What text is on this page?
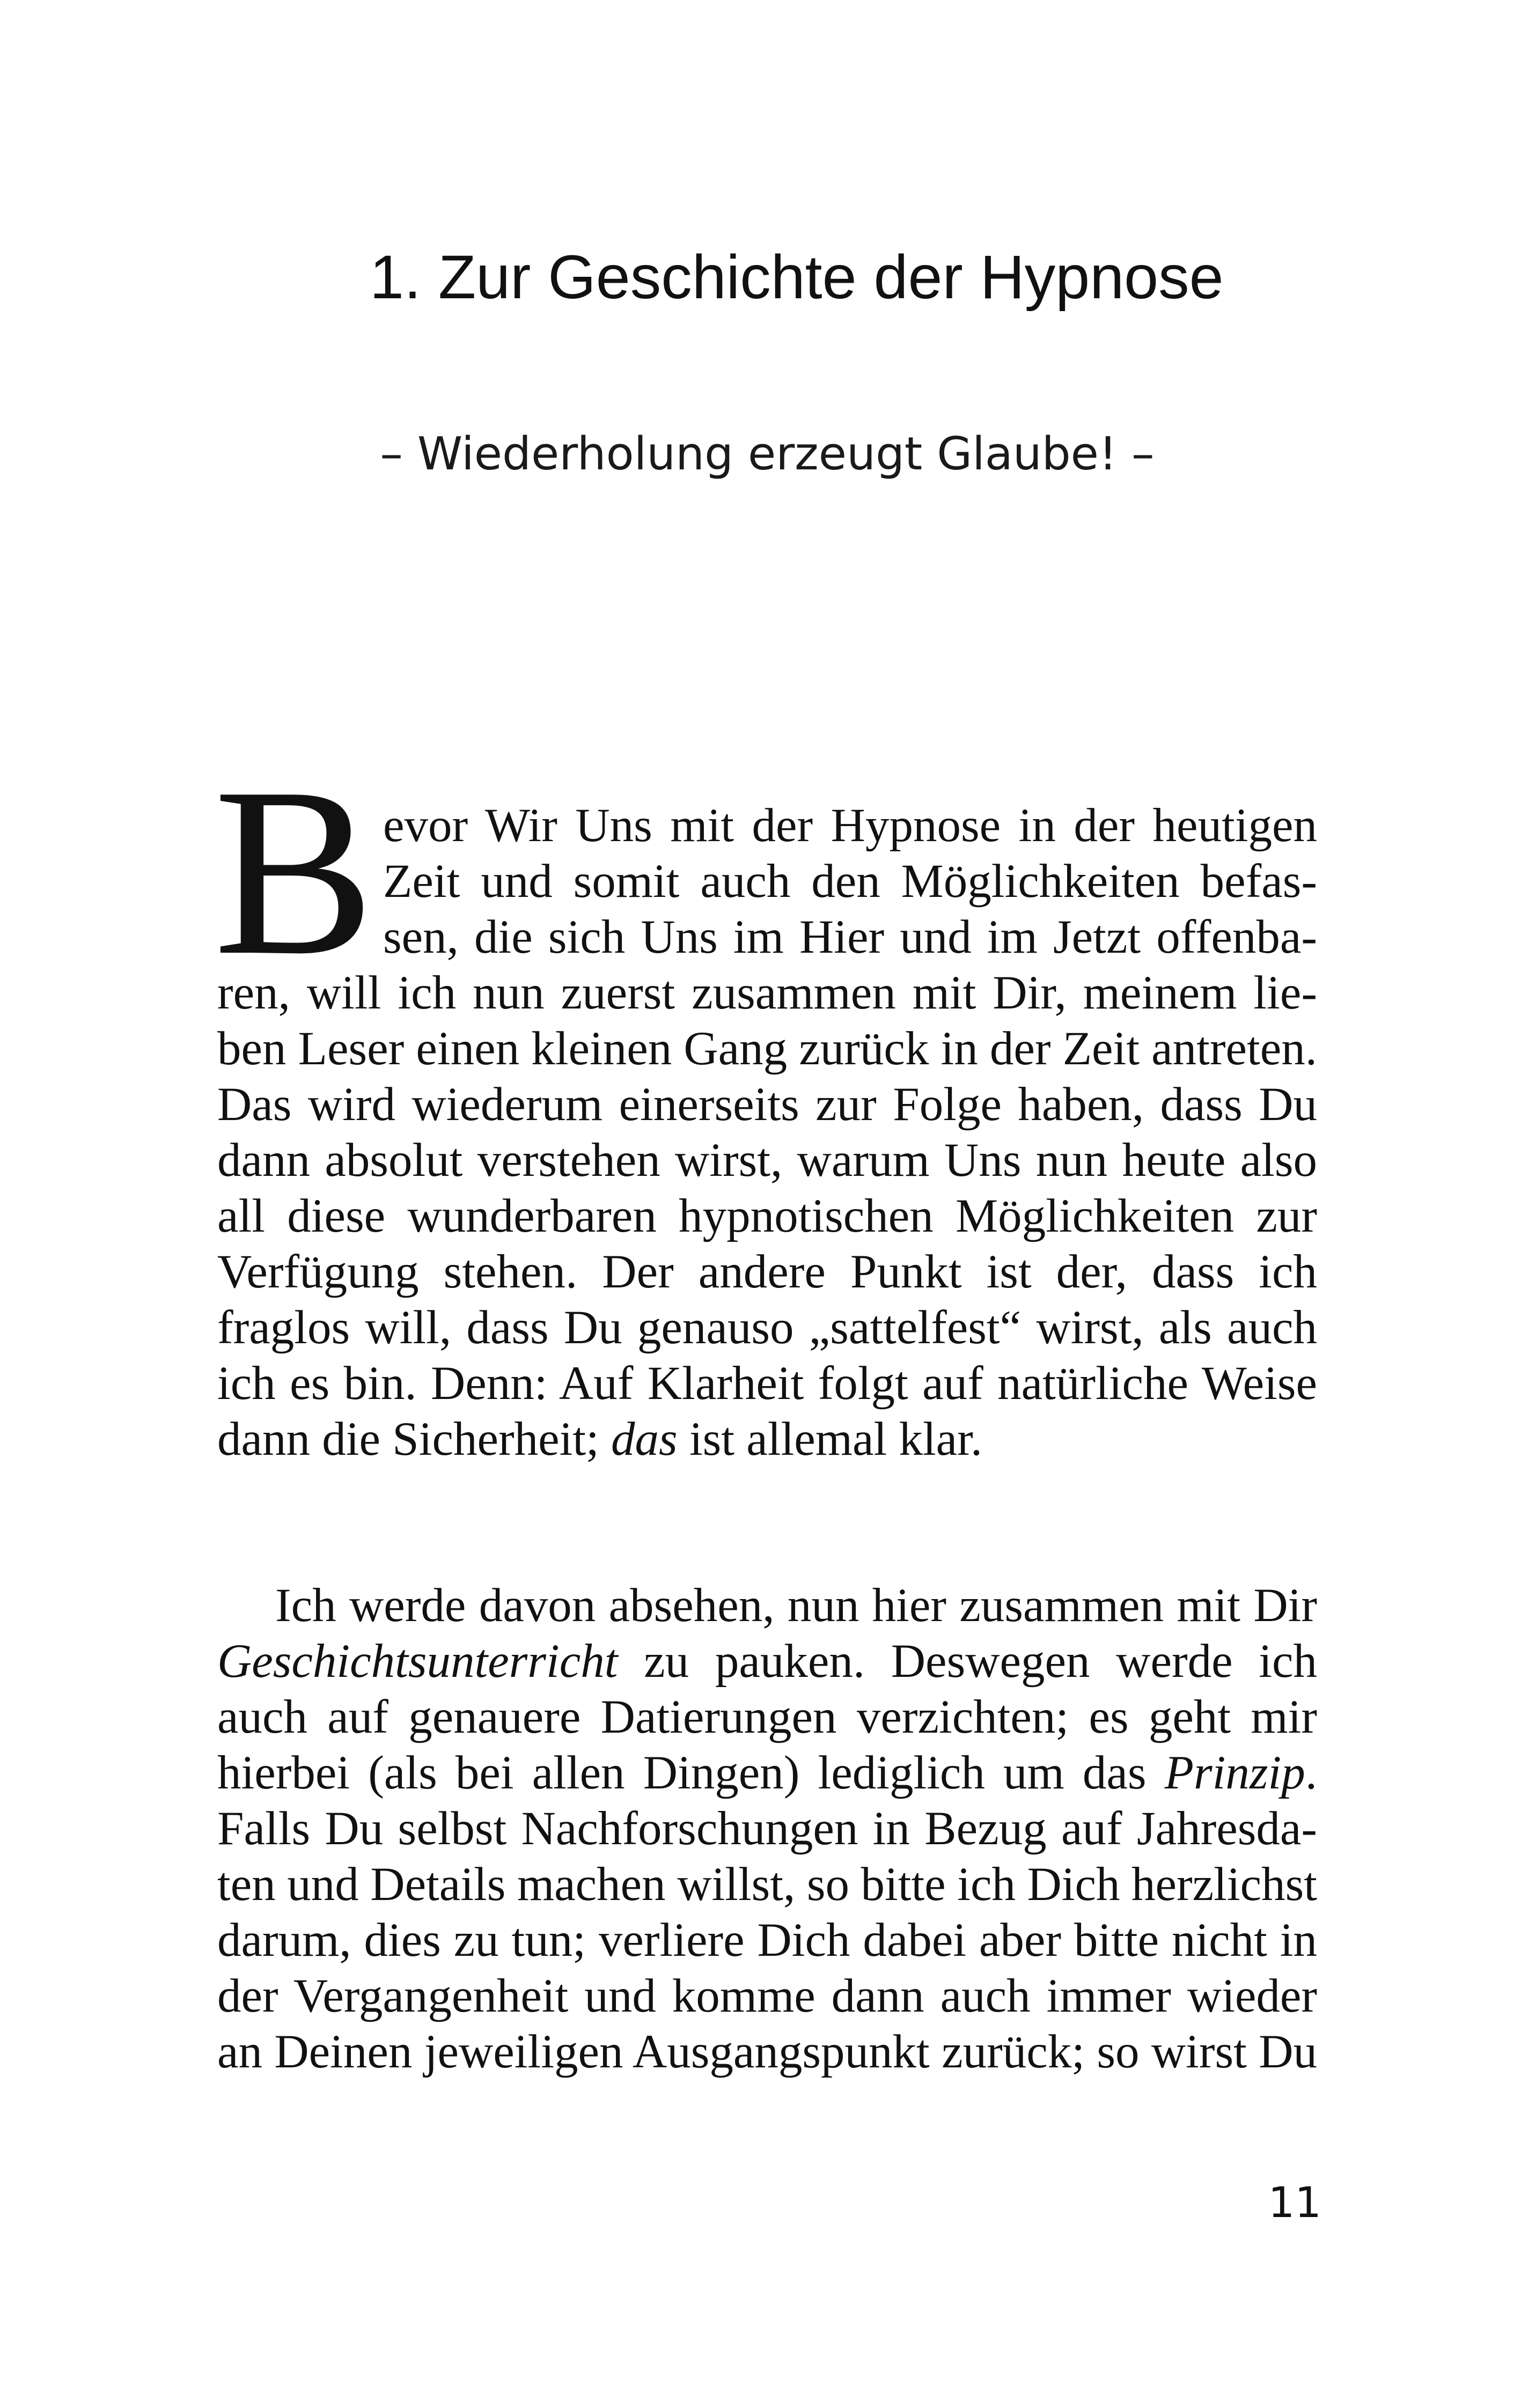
1. Zur Geschichte der Hypnose
– Wiederholung erzeugt Glaube! –
B evor Wir Uns mit der Hypnose in der heutigen
Zeit und somit auch den Möglichkeiten befas-
sen, die sich Uns im Hier und im Jetzt offenba-
ren, will ich nun zuerst zusammen mit Dir, meinem lie-
ben Leser einen kleinen Gang zurück in der Zeit antreten.
Das wird wiederum einerseits zur Folge haben, dass Du
dann absolut verstehen wirst, warum Uns nun heute also
all diese wunderbaren hypnotischen Möglichkeiten zur
Verfügung stehen. Der andere Punkt ist der, dass ich
fraglos will, dass Du genauso „sattelfest“ wirst, als auch
ich es bin. Denn: Auf Klarheit folgt auf natürliche Weise
dann die Sicherheit; das ist allemal klar.
Ich werde davon absehen, nun hier zusammen mit Dir
Geschichtsunterricht zu pauken. Deswegen werde ich
auch auf genauere Datierungen verzichten; es geht mir
hierbei (als bei allen Dingen) lediglich um das Prinzip.
Falls Du selbst Nachforschungen in Bezug auf Jahresda-
ten und Details machen willst, so bitte ich Dich herzlichst
darum, dies zu tun; verliere Dich dabei aber bitte nicht in
der Vergangenheit und komme dann auch immer wieder
an Deinen jeweiligen Ausgangspunkt zurück; so wirst Du
11
